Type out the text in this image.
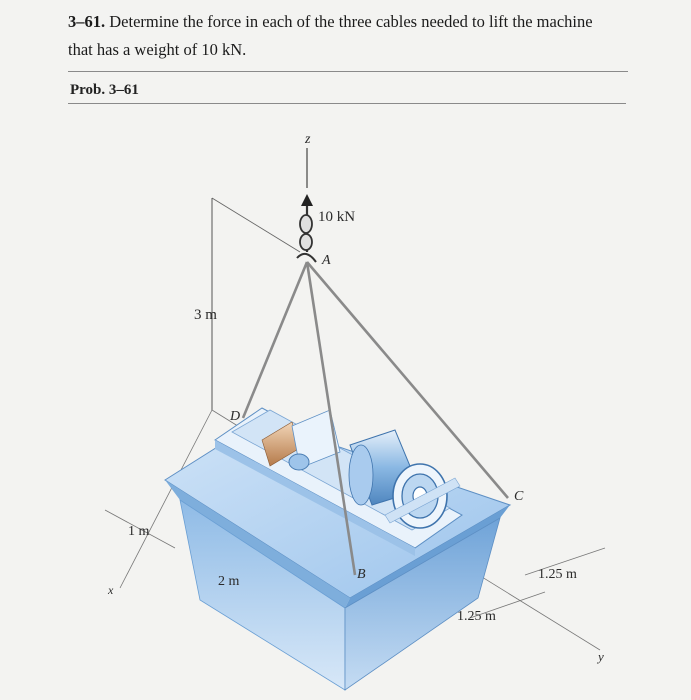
3–61. Determine the force in each of the three cables needed to lift the machine
that has a weight of 10 kN.
Prob. 3–61
z
10 kN
A
3 m
D
C
B
1 m
2 m	1.25 m
1.25 m
x
y
